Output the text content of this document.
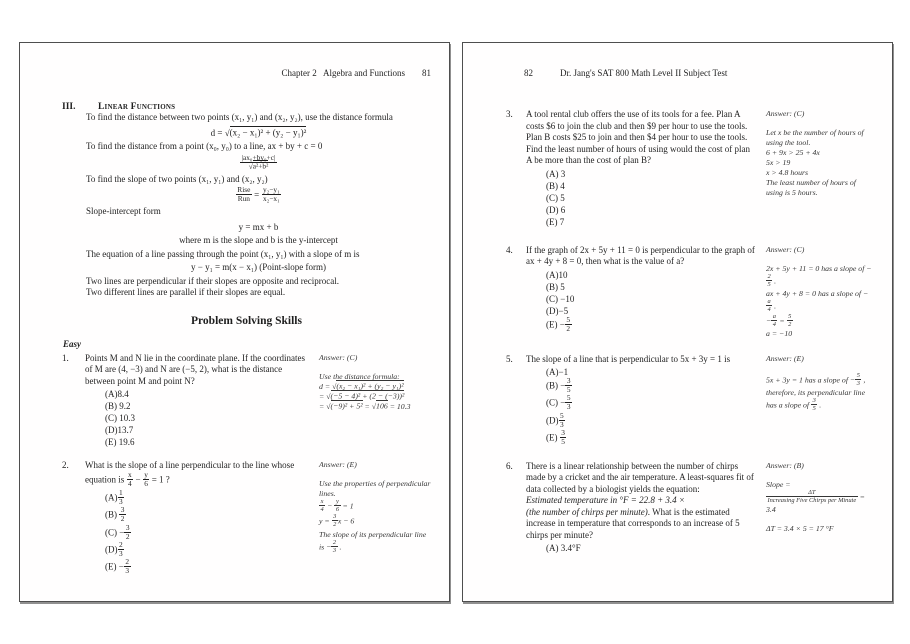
Chapter 2   Algebra and Functions 81

III.	Linear Functions

To find the distance between two points (x₁, y₁) and (x₂, y₂), use the distance formula

d = √(x₂ − x₁)² + (y₂ − y₁)²

To find the distance from a point (x₀, y₀) to a line, ax + by + c = 0

$\frac{\text{|ax₀+by₀+c|}}{\text{√a²+b²}}$

To find the slope of two points (x₁, y₁) and (x₂, y₂)

Rise
Run = $\frac{\text{y₂−y₁}}{\text{x₂−x₁}}$

Slope-intercept form

y = mx + b
where m is the slope and b is the y-intercept

The equation of a line passing through the point (x₁, y₁) with a slope of m is

y − y₁ = m(x − x₁) (Point-slope form)

Two lines are perpendicular if their slopes are opposite and reciprocal.

Two different lines are parallel if their slopes are equal.

Problem Solving Skills
Easy
1.	Points M and N lie in the coordinate plane. If the coordinates of M are (4, −3) and N are (−5, 2), what is the distance between point M and point N?

(A)8.4
(B) 9.2
(C) 10.3
(D)13.7
(E) 19.6
Answer: (C)

Use the distance formula:

d = √(x₂ − x₁)² + (y₂ − y₁)²

= √(−5 − 4)² + (2 − (−3))²

= √(−9)² + 5² = √106 = 10.3

2.	What is the slope of a line perpendicular to the line whose equation is $\frac{x}{4} - \frac{y}{6} = 1$ ?

$(A) \frac{1}{3}$
$(B) \frac{3}{2}$
$(C) - \frac{3}{2}$
$(D) \frac{2}{3}$
$(E) - \frac{2}{3}$
Answer: (E)

Use the properties of perpendicular lines.

$\frac{x}{4} - \frac{y}{6} = 1$

$y = \frac{3}{2}$ x − 6

The slope of its perpendicular line is − $\frac{2}{3}$ .

82	Dr. Jang's SAT 800 Math Level II Subject Test

3.	A tool rental club offers the use of its tools for a fee. Plan A costs $6 to join the club and then $9 per hour to use the tools. Plan B costs $25 to join and then $4 per hour to use the tools. Find the least number of hours of using would the cost of plan A be more than the cost of plan B?

(A) 3
(B) 4
(C) 5
(D) 6
(E) 7
Answer: (C)

Let x be the number of hours of using the tool.

6 + 9x > 25 + 4x

5x > 19

x > 4.8 hours

The least number of hours of using is 5 hours.

4.	If the graph of 2x + 5y + 11 = 0 is perpendicular to the graph of ax + 4y + 8 = 0, then what is the value of a?

(A)10
(B) 5
(C) −10
(D)−5
$(E) - \frac{5}{2}$
Answer: (C)

2x + 5y + 11 = 0 has a slope of −
$\frac{2}{5}$ .

ax + 4y + 8 = 0 has a slope of −
$\frac{a}{4}$ .

− $\frac{a}{4} = \frac{5}{2}$

a = −10

5.	The slope of a line that is perpendicular to 5x + 3y = 1 is

(A)−1
$(B) - \frac{3}{5}$
$(C) - \frac{5}{3}$
$(D) \frac{5}{3}$
$(E) \frac{3}{5}$
Answer: (E)

5x + 3y = 1 has a slope of − $\frac{5}{3}$ , therefore, its perpendicular line has a slope of $\frac{3}{5}$ .

6.	There is a linear relationship between the number of chirps made by a cricket and the air temperature. A least-squares fit of data collected by a biologist yields the equation:

Estimated temperature in °F = 22.8 + 3.4 ×

(the number of chirps per minute). What is the estimated increase in temperature that corresponds to an increase of 5 chirps per minute?

(A) 3.4°F
Answer: (B)

Slope =
ΔT
Increasing Five Chirps per Minute = 3.4

ΔT = 3.4 × 5 = 17 °F
